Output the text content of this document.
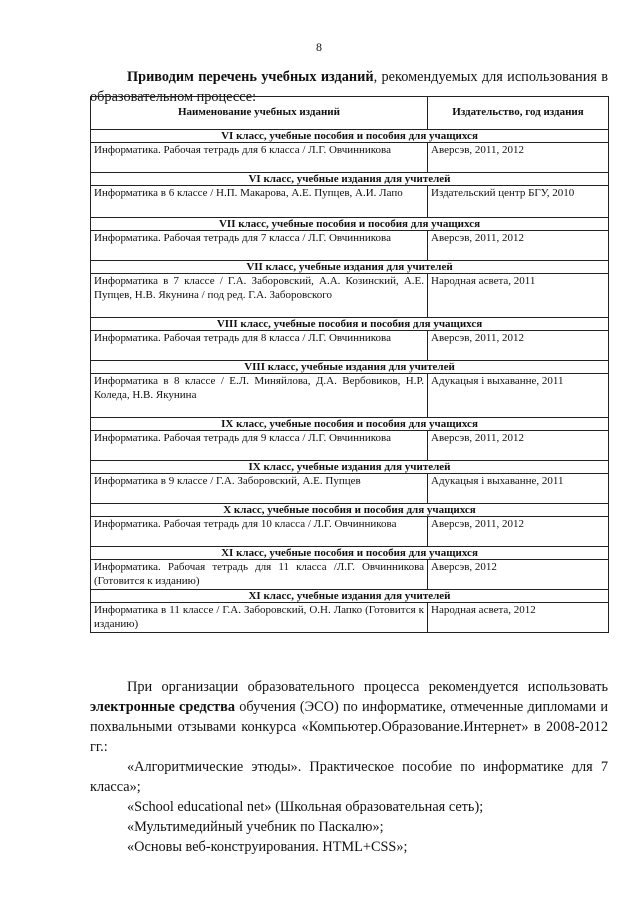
8
Приводим перечень учебных изданий, рекомендуемых для использования в образовательном процессе:
Наименование учебных изданий	Издательство, год издания
VI класс, учебные пособия и пособия для учащихся	
Информатика. Рабочая тетрадь для 6 класса / Л.Г. Овчинникова	Аверсэв, 2011, 2012
VI класс, учебные издания для учителей	
Информатика в 6 классе / Н.П. Макарова, А.Е. Пупцев, А.И. Лапо	Издательский центр БГУ, 2010
VII класс, учебные пособия и пособия для учащихся	
Информатика. Рабочая тетрадь для 7 класса / Л.Г. Овчинникова	Аверсэв, 2011, 2012
VII класс, учебные издания для учителей	
Информатика в 7 классе / Г.А. Заборовский, А.А. Козинский, А.Е. Пупцев, Н.В. Якунина / под ред. Г.А. Заборовского	Народная асвета, 2011
VIII класс, учебные пособия и пособия для учащихся	
Информатика. Рабочая тетрадь для 8 класса / Л.Г. Овчинникова	Аверсэв, 2011, 2012
VIII класс, учебные издания для учителей	
Информатика в 8 классе / Е.Л. Миняйлова, Д.А. Вербовиков, Н.Р. Коледа, Н.В. Якунина	Адукацыя і выхаванне, 2011
IX класс, учебные пособия и пособия для учащихся	
Информатика. Рабочая тетрадь для 9 класса / Л.Г. Овчинникова	Аверсэв, 2011, 2012
IX класс, учебные издания для учителей	
Информатика в 9 классе / Г.А. Заборовский, А.Е. Пупцев	Адукацыя і выхаванне, 2011
X класс, учебные пособия и пособия для учащихся	
Информатика. Рабочая тетрадь для 10 класса / Л.Г. Овчинникова	Аверсэв, 2011, 2012
XI класс, учебные пособия и пособия для учащихся	
Информатика. Рабочая тетрадь для 11 класса /Л.Г. Овчинникова (Готовится к изданию)	Аверсэв, 2012
XI класс, учебные издания для учителей	
Информатика в 11 классе / Г.А. Заборовский, О.Н. Лапко (Готовится к изданию)	Народная асвета, 2012
При организации образовательного процесса рекомендуется использовать электронные средства обучения (ЭСО) по информатике, отмеченные дипломами и похвальными отзывами конкурса «Компьютер.Образование.Интернет» в 2008-2012 гг.:
«Алгоритмические этюды». Практическое пособие по информатике для 7 класса»;
«School educational net» (Школьная образовательная сеть);
«Мультимедийный учебник по Паскалю»;
«Основы веб-конструирования. HTML+CSS»;
